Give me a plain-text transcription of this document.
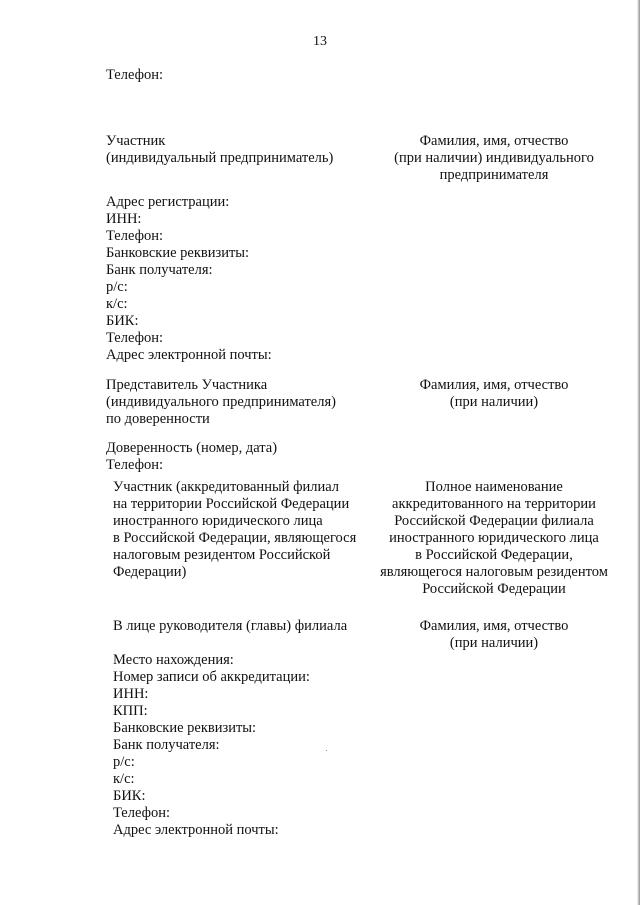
13
Телефон:
Участник
(индивидуальный предприниматель)
Фамилия, имя, отчество
(при наличии) индивидуального
предпринимателя
Адрес регистрации:
ИНН:
Телефон:
Банковские реквизиты:
Банк получателя:
р/с:
к/с:
БИК:
Телефон:
Адрес электронной почты:
Представитель Участника
(индивидуального предпринимателя)
по доверенности
Фамилия, имя, отчество
(при наличии)
Доверенность (номер, дата)
Телефон:
Участник (аккредитованный филиал
на территории Российской Федерации
иностранного юридического лица
в Российской Федерации, являющегося
налоговым резидентом Российской
Федерации)
Полное наименование
аккредитованного на территории
Российской Федерации филиала
иностранного юридического лица
в Российской Федерации,
являющегося налоговым резидентом
Российской Федерации
В лице руководителя (главы) филиала	Фамилия, имя, отчество
(при наличии)
Место нахождения:
Номер записи об аккредитации:
ИНН:
КПП:
Банковские реквизиты:
Банк получателя:
р/с:
к/с:
БИК:
Телефон:
Адрес электронной почты:
